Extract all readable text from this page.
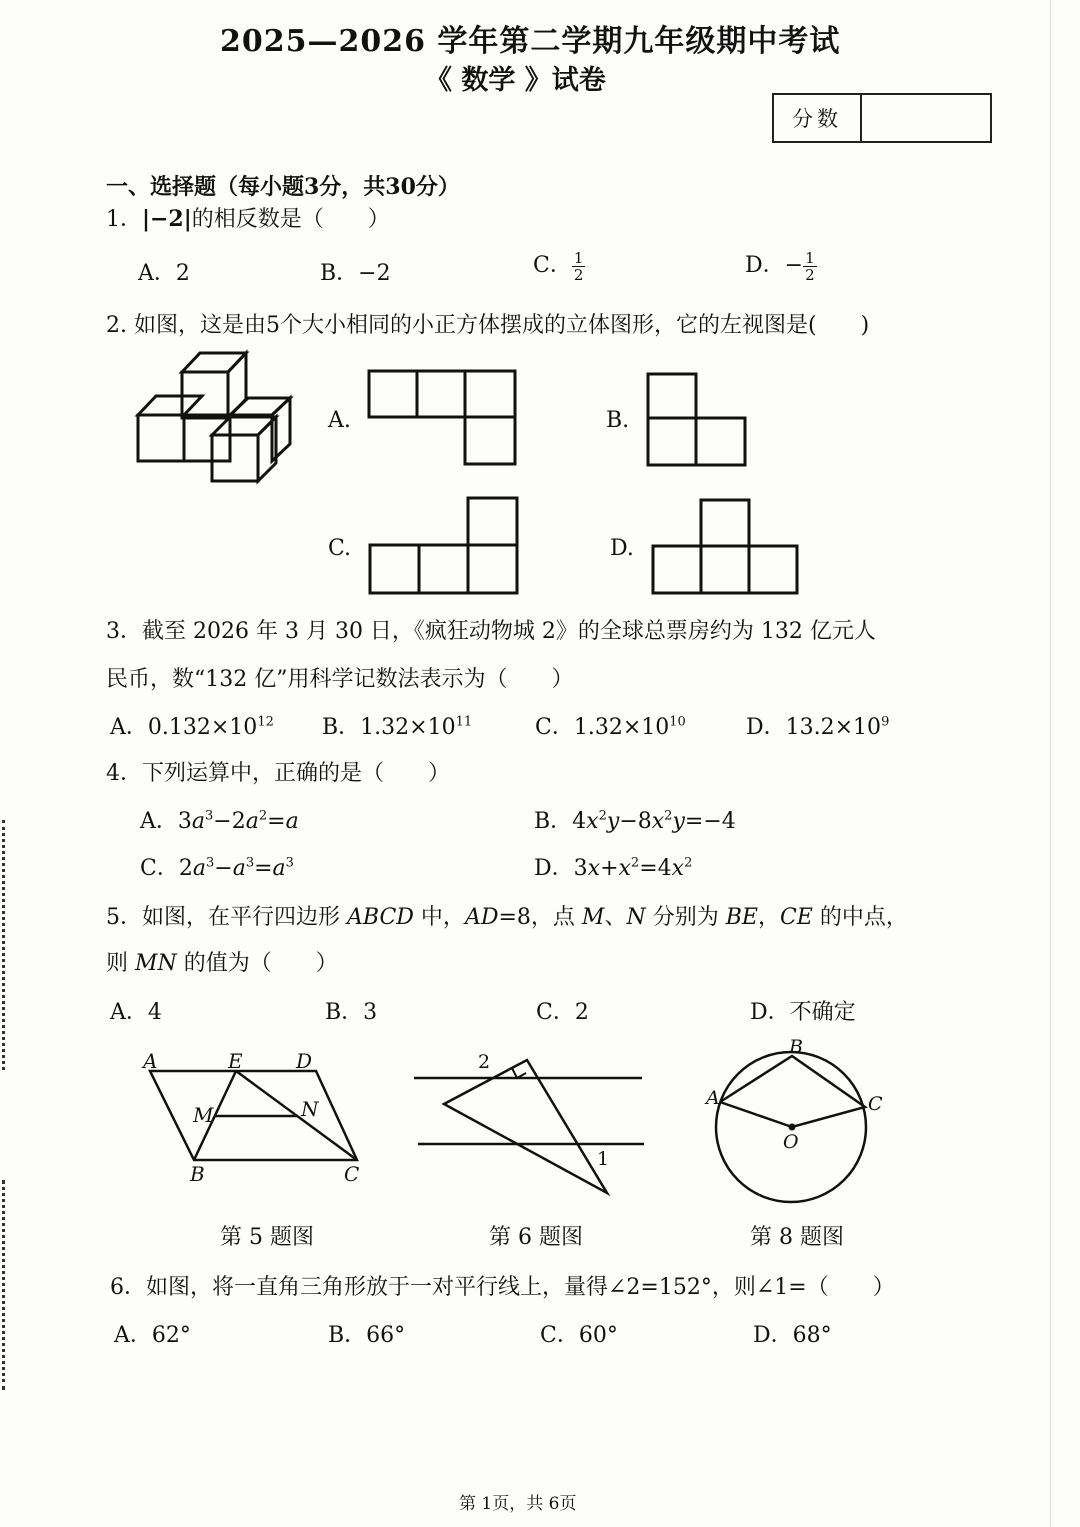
2025—2026 学年第二学期九年级期中考试
《 数学 》试卷
分数
一、选择题（每小题3分，共30分）
1．|−2|的相反数是（　　）
A．2	B．−2	C． $\frac{1}{2}$	D．− $\frac{1}{2}$
2. 如图，这是由5个大小相同的小正方体摆成的立体图形，它的左视图是(　　)
A.	B.
C.	D.
3．截至 2026 年 3 月 30 日，《疯狂动物城 2》的全球总票房约为 132 亿元人
民币，数“132 亿”用科学记数法表示为（　　）
A．$0.132\times 10^{12}$ B．$1.32\times 10^{11}$	C．$1.32\times 10^{10}$	D．$13.2\times 10^9$
4．下列运算中，正确的是（　　）
A．$3a^3-2a^2=a$	B．$4x^2y-8x^2y=-4$
C．$2a^3-a^3=a^3$	D．$3x+x^2=4x^2$
5．如图，在平行四边形 ABCD 中，AD=8，点 M、N 分别为 BE，CE 的中点，
则 MN 的值为（　　）
A．4	B．3	C．2	D．不确定
A	E	D
M	N
B	C
2
1
A
B
C
O
第 5 题图	第 6 题图	第 8 题图
6．如图，将一直角三角形放于一对平行线上，量得∠2=152°，则∠1=（　　）
A．62°	B．66°	C．60°	D．68°
第 1页，共 6页
